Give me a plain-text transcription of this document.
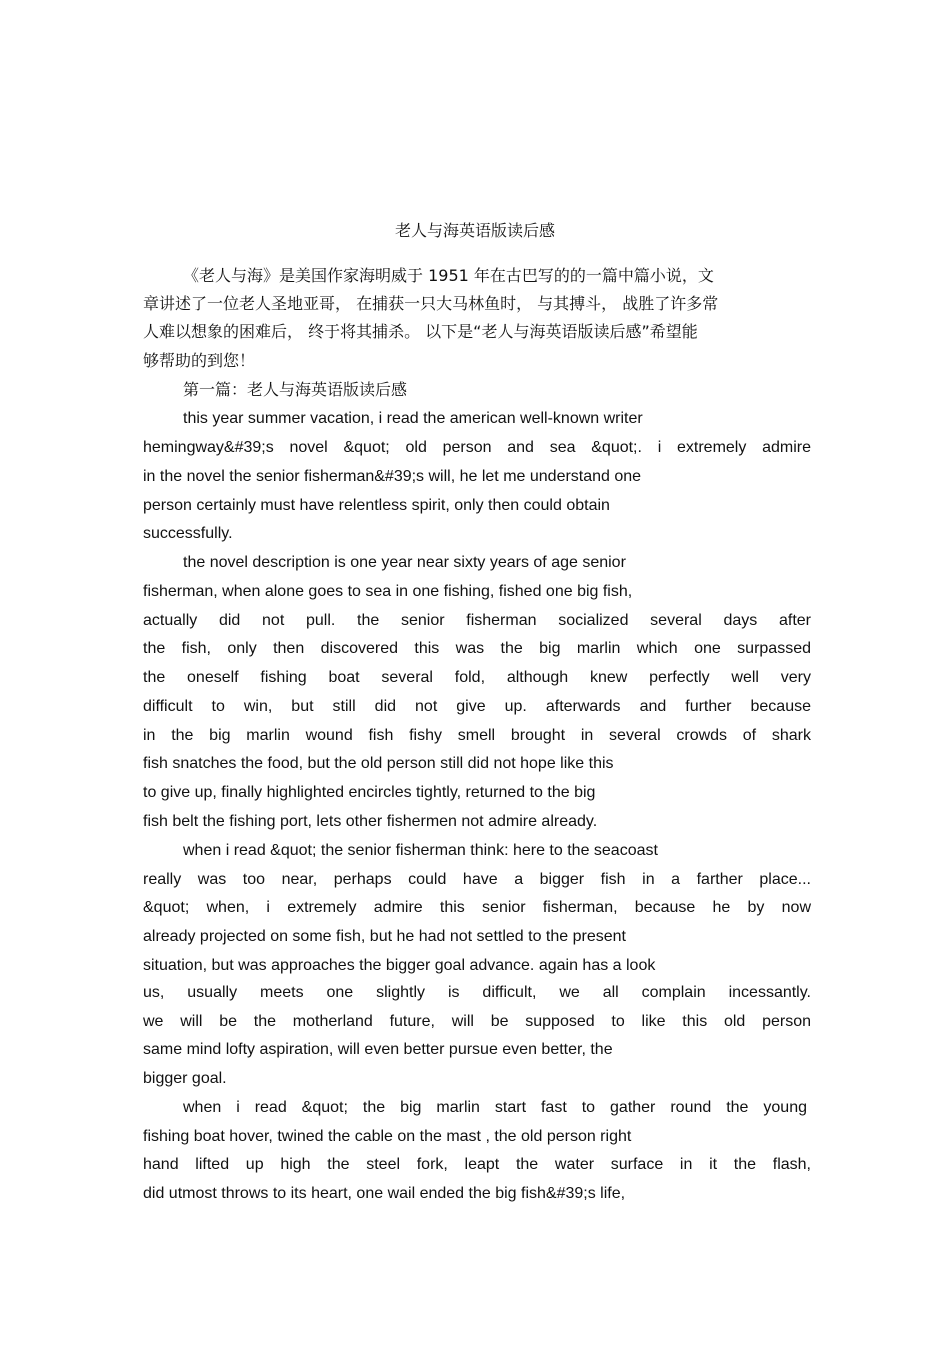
老人与海英语版读后感
《老人与海》是美国作家海明威于 1951 年在古巴写的的一篇中篇小说，文
章讲述了一位老人圣地亚哥， 在捕获一只大马林鱼时， 与其搏斗， 战胜了许多常
人难以想象的困难后， 终于将其捕杀。 以下是“老人与海英语版读后感”希望能
够帮助的到您！
第一篇：老人与海英语版读后感
this year summer vacation, i read the american well-known writer
hemingway&#39;s novel &quot; old person and sea &quot;. i extremely admire
in the novel the senior fisherman&#39;s will, he let me understand one
person certainly must have relentless spirit, only then could obtain
successfully.
the novel description is one year near sixty years of age senior
fisherman, when alone goes to sea in one fishing, fished one big fish,
actually did not pull. the senior fisherman socialized several days after
the fish, only then discovered this was the big marlin which one surpassed
the oneself fishing boat several fold, although knew perfectly well very
difficult to win, but still did not give up. afterwards and further because
in the big marlin wound fish fishy smell brought in several crowds of shark
fish snatches the food, but the old person still did not hope like this
to give up, finally highlighted encircles tightly, returned to the big
fish belt the fishing port, lets other fishermen not admire already.
when i read &quot; the senior fisherman think: here to the seacoast
really was too near, perhaps could have a bigger fish in a farther place...
&quot; when, i extremely admire this senior fisherman, because he by now
already projected on some fish, but he had not settled to the present
situation, but was approaches the bigger goal advance. again has a look
us, usually meets one slightly is difficult, we all complain incessantly.
we will be the motherland future, will be supposed to like this old person
same mind lofty aspiration, will even better pursue even better, the
bigger goal.
when i read &quot; the big marlin start fast to gather round the young
fishing boat hover, twined the cable on the mast , the old person right
hand lifted up high the steel fork, leapt the water surface in it the flash,
did utmost throws to its heart, one wail ended the big fish&#39;s life,
